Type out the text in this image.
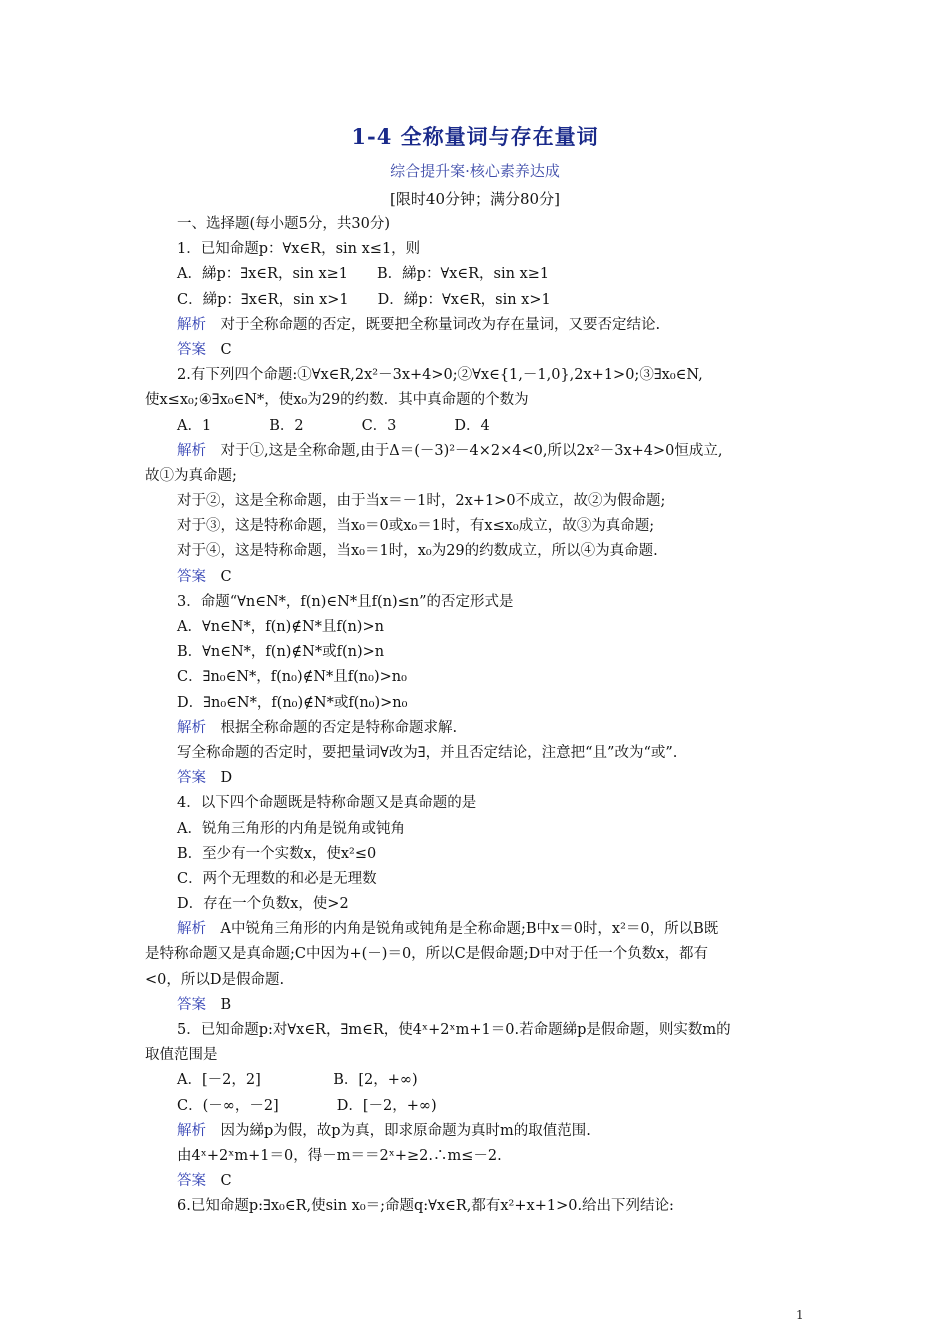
1-4 全称量词与存在量词
综合提升案·核心素养达成
[限时40分钟；满分80分]
一、选择题(每小题5分，共30分)
1．已知命题p：∀x∈R，sin x≤1，则
A．綈p：∃x∈R，sin x≥1　　B．綈p：∀x∈R，sin x≥1
C．綈p：∃x∈R，sin x>1　　D．綈p：∀x∈R，sin x>1
解析　对于全称命题的否定，既要把全称量词改为存在量词，又要否定结论.
答案　C
2.有下列四个命题:①∀x∈R,2x²－3x+4>0;②∀x∈{1,－1,0},2x+1>0;③∃x₀∈N,
使x≤x₀;④∃x₀∈N*，使x₀为29的约数．其中真命题的个数为
A．1　　　　B．2　　　　C．3　　　　D．4
解析　对于①,这是全称命题,由于Δ＝(－3)²－4×2×4<0,所以2x²－3x+4>0恒成立,
故①为真命题;
对于②，这是全称命题，由于当x＝－1时，2x+1>0不成立，故②为假命题;
对于③，这是特称命题，当x₀＝0或x₀＝1时，有x≤x₀成立，故③为真命题;
对于④，这是特称命题，当x₀＝1时，x₀为29的约数成立，所以④为真命题.
答案　C
3．命题“∀n∈N*，f(n)∈N*且f(n)≤n”的否定形式是
A．∀n∈N*，f(n)∉N*且f(n)>n
B．∀n∈N*，f(n)∉N*或f(n)>n
C．∃n₀∈N*，f(n₀)∉N*且f(n₀)>n₀
D．∃n₀∈N*，f(n₀)∉N*或f(n₀)>n₀
解析　根据全称命题的否定是特称命题求解.
写全称命题的否定时，要把量词∀改为∃，并且否定结论，注意把“且”改为“或”.
答案　D
4．以下四个命题既是特称命题又是真命题的是
A．锐角三角形的内角是锐角或钝角
B．至少有一个实数x，使x²≤0
C．两个无理数的和必是无理数
D．存在一个负数x，使>2
解析　A中锐角三角形的内角是锐角或钝角是全称命题;B中x＝0时，x²＝0，所以B既
是特称命题又是真命题;C中因为+(－)＝0，所以C是假命题;D中对于任一个负数x，都有
<0，所以D是假命题.
答案　B
5．已知命题p:对∀x∈R，∃m∈R，使4ˣ+2ˣm+1＝0.若命题綈p是假命题，则实数m的
取值范围是
A．[－2，2]　　　　　B．[2，+∞)
C．(－∞，－2]　　　　D．[－2，+∞)
解析　因为綈p为假，故p为真，即求原命题为真时m的取值范围.
由4ˣ+2ˣm+1＝0，得－m＝＝2ˣ+≥2.∴m≤－2.
答案　C
6.已知命题p:∃x₀∈R,使sin x₀＝;命题q:∀x∈R,都有x²+x+1>0.给出下列结论:
1
